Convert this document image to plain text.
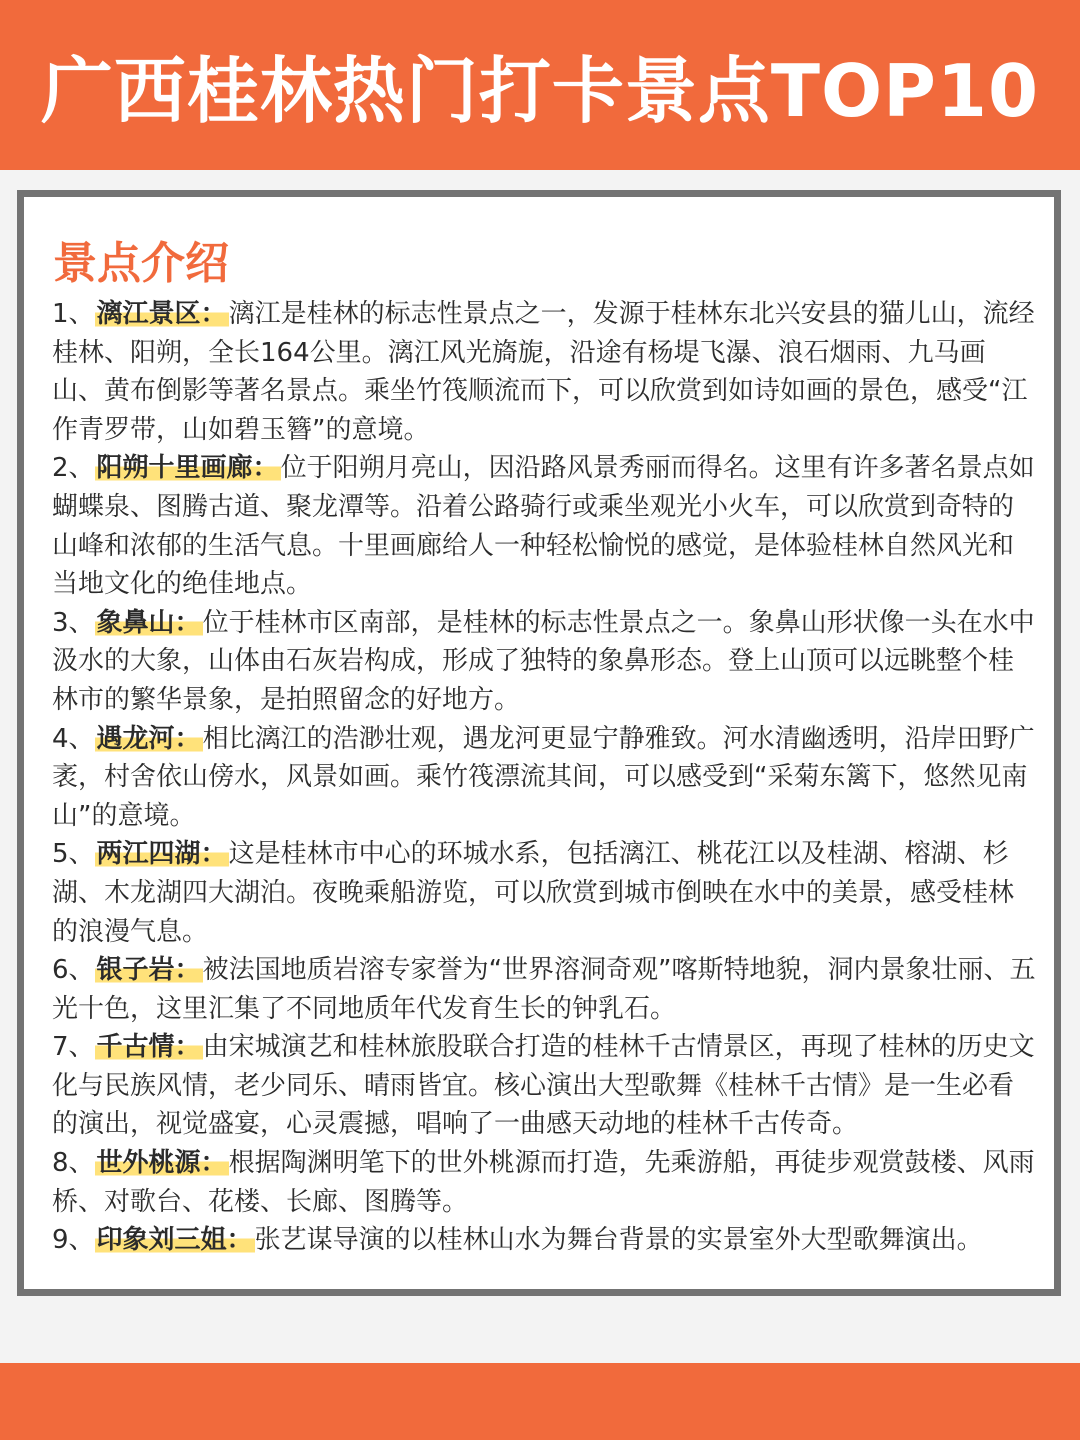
广西桂林热门打卡景点TOP10
景点介绍

1、漓江景区：漓江是桂林的标志性景点之一，发源于桂林东北兴安县的猫儿山，流经桂林、阳朔，全长164公里。漓江风光旖旎，沿途有杨堤飞瀑、浪石烟雨、九马画山、黄布倒影等著名景点。乘坐竹筏顺流而下，可以欣赏到如诗如画的景色，感受“江作青罗带，山如碧玉簪”的意境。

2、阳朔十里画廊：位于阳朔月亮山，因沿路风景秀丽而得名。这里有许多著名景点如蝴蝶泉、图腾古道、聚龙潭等。沿着公路骑行或乘坐观光小火车，可以欣赏到奇特的山峰和浓郁的生活气息。十里画廊给人一种轻松愉悦的感觉，是体验桂林自然风光和当地文化的绝佳地点。

3、象鼻山：位于桂林市区南部，是桂林的标志性景点之一。象鼻山形状像一头在水中汲水的大象，山体由石灰岩构成，形成了独特的象鼻形态。登上山顶可以远眺整个桂林市的繁华景象，是拍照留念的好地方。

4、遇龙河：相比漓江的浩渺壮观，遇龙河更显宁静雅致。河水清幽透明，沿岸田野广袤，村舍依山傍水，风景如画。乘竹筏漂流其间，可以感受到“采菊东篱下，悠然见南山”的意境。

5、两江四湖：这是桂林市中心的环城水系，包括漓江、桃花江以及桂湖、榕湖、杉湖、木龙湖四大湖泊。夜晚乘船游览，可以欣赏到城市倒映在水中的美景，感受桂林的浪漫气息。

6、银子岩：被法国地质岩溶专家誉为“世界溶洞奇观”喀斯特地貌，洞内景象壮丽、五光十色，这里汇集了不同地质年代发育生长的钟乳石。

7、千古情：由宋城演艺和桂林旅股联合打造的桂林千古情景区，再现了桂林的历史文化与民族风情，老少同乐、晴雨皆宜。核心演出大型歌舞《桂林千古情》是一生必看的演出，视觉盛宴，心灵震撼，唱响了一曲感天动地的桂林千古传奇。

8、世外桃源：根据陶渊明笔下的世外桃源而打造，先乘游船，再徒步观赏鼓楼、风雨桥、对歌台、花楼、长廊、图腾等。

9、印象刘三姐：张艺谋导演的以桂林山水为舞台背景的实景室外大型歌舞演出。
